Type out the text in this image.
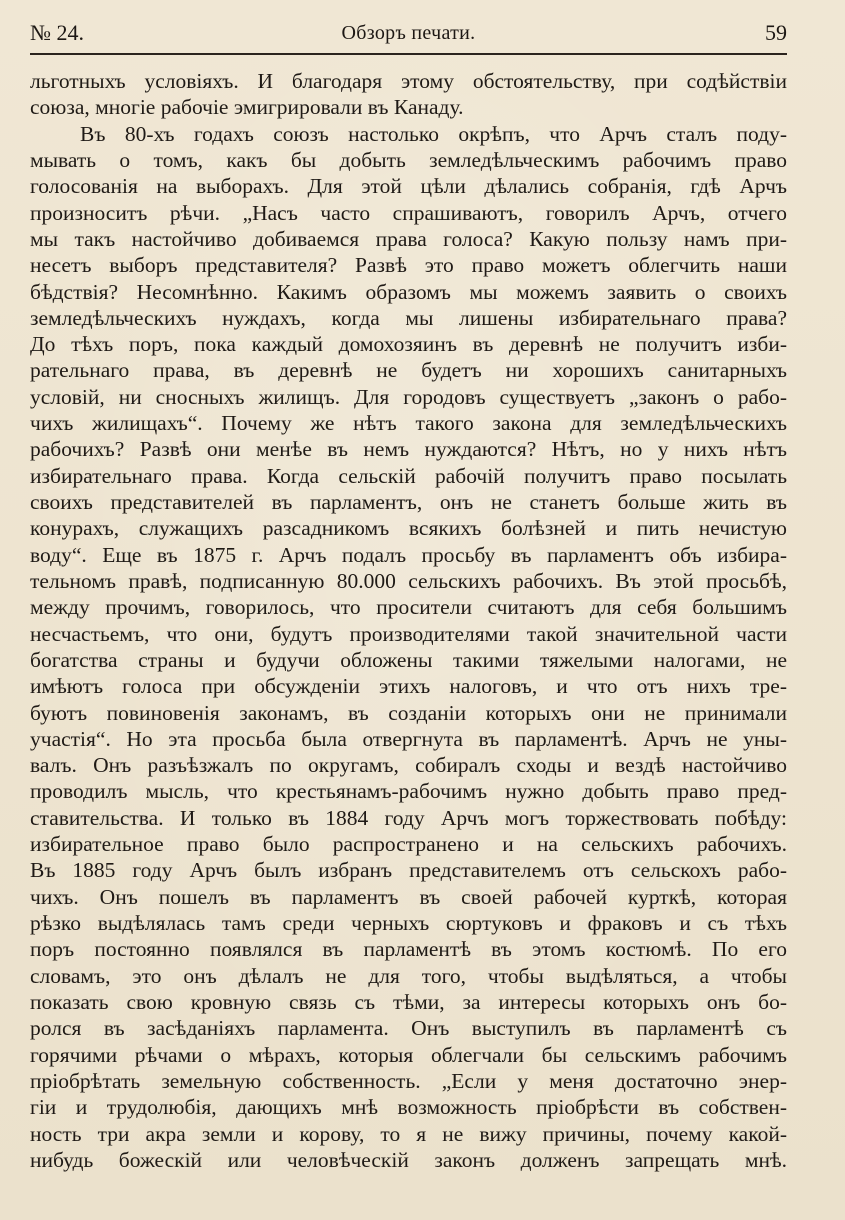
№ 24.	Обзоръ печати.	59
льготныхъ условіяхъ. И благодаря этому обстоятельству, при содѣйствіи
союза, многіе рабочіе эмигрировали въ Канаду.
Въ 80-хъ годахъ союзъ настолько окрѣпъ, что Арчъ сталъ поду-
мывать о томъ, какъ бы добыть земледѣльческимъ рабочимъ право
голосованія на выборахъ. Для этой цѣли дѣлались собранія, гдѣ Арчъ
произноситъ рѣчи. „Насъ часто спрашиваютъ, говорилъ Арчъ, отчего
мы такъ настойчиво добиваемся права голоса? Какую пользу намъ при-
несетъ выборъ представителя? Развѣ это право можетъ облегчить наши
бѣдствія? Несомнѣнно. Какимъ образомъ мы можемъ заявить о своихъ
земледѣльческихъ нуждахъ, когда мы лишены избирательнаго права?
До тѣхъ поръ, пока каждый домохозяинъ въ деревнѣ не получитъ изби-
рательнаго права, въ деревнѣ не будетъ ни хорошихъ санитарныхъ
условій, ни сносныхъ жилищъ. Для городовъ существуетъ „законъ о рабо-
чихъ жилищахъ“. Почему же нѣтъ такого закона для земледѣльческихъ
рабочихъ? Развѣ они менѣе въ немъ нуждаются? Нѣтъ, но у нихъ нѣтъ
избирательнаго права. Когда сельскій рабочій получитъ право посылать
своихъ представителей въ парламентъ, онъ не станетъ больше жить въ
конурахъ, служащихъ разсадникомъ всякихъ болѣзней и пить нечистую
воду“. Еще въ 1875 г. Арчъ подалъ просьбу въ парламентъ объ избира-
тельномъ правѣ, подписанную 80.000 сельскихъ рабочихъ. Въ этой просьбѣ,
между прочимъ, говорилось, что просители считаютъ для себя большимъ
несчастьемъ, что они, будутъ производителями такой значительной части
богатства страны и будучи обложены такими тяжелыми налогами, не
имѣютъ голоса при обсужденіи этихъ налоговъ, и что отъ нихъ тре-
буютъ повиновенія законамъ, въ созданіи которыхъ они не принимали
участія“. Но эта просьба была отвергнута въ парламентѣ. Арчъ не уны-
валъ. Онъ разъѣзжалъ по округамъ, собиралъ сходы и вездѣ настойчиво
проводилъ мысль, что крестьянамъ-рабочимъ нужно добыть право пред-
ставительства. И только въ 1884 году Арчъ могъ торжествовать побѣду:
избирательное право было распространено и на сельскихъ рабочихъ.
Въ 1885 году Арчъ былъ избранъ представителемъ отъ сельскохъ рабо-
чихъ. Онъ пошелъ въ парламентъ въ своей рабочей курткѣ, которая
рѣзко выдѣлялась тамъ среди черныхъ сюртуковъ и фраковъ и съ тѣхъ
поръ постоянно появлялся въ парламентѣ въ этомъ костюмѣ. По его
словамъ, это онъ дѣлалъ не для того, чтобы выдѣляться, а чтобы
показать свою кровную связь съ тѣми, за интересы которыхъ онъ бо-
ролся въ засѣданіяхъ парламента. Онъ выступилъ въ парламентѣ съ
горячими рѣчами о мѣрахъ, которыя облегчали бы сельскимъ рабочимъ
пріобрѣтать земельную собственность. „Если у меня достаточно энер-
гіи и трудолюбія, дающихъ мнѣ возможность пріобрѣсти въ собствен-
ность три акра земли и корову, то я не вижу причины, почему какой-
нибудь божескій или человѣческій законъ долженъ запрещать мнѣ.
